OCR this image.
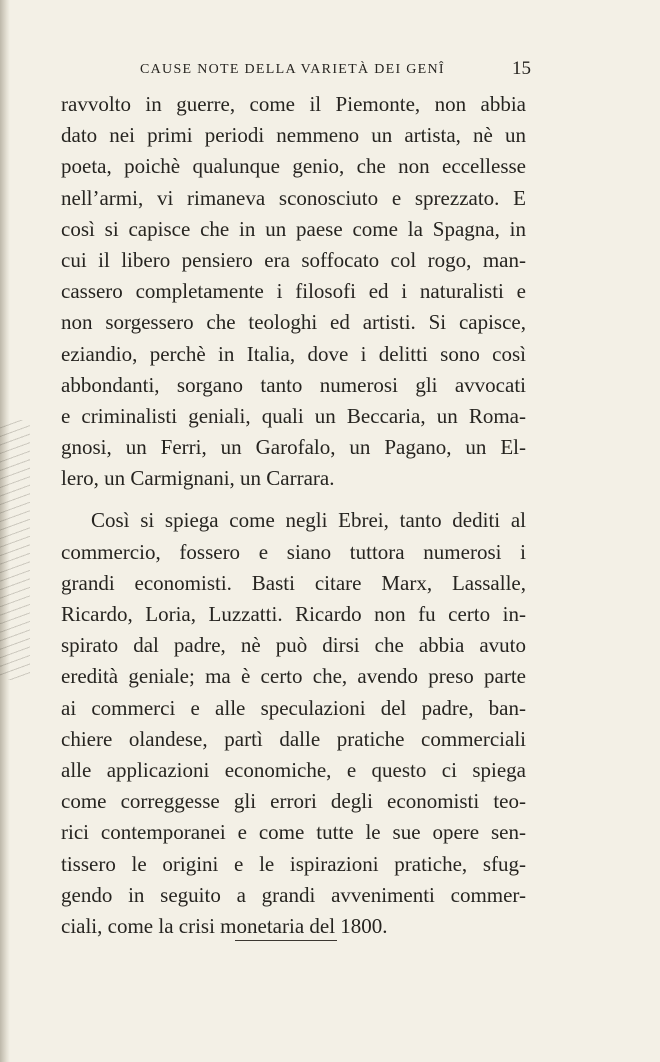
CAUSE NOTE DELLA VARIETÀ DEI GENÎ	15
ravvolto in guerre, come il Piemonte, non abbia
dato nei primi periodi nemmeno un artista, nè un
poeta, poichè qualunque genio, che non eccellesse
nell’armi, vi rimaneva sconosciuto e sprezzato. E
così si capisce che in un paese come la Spagna, in
cui il libero pensiero era soffocato col rogo, man-
cassero completamente i filosofi ed i naturalisti e
non sorgessero che teologhi ed artisti. Si capisce,
eziandio, perchè in Italia, dove i delitti sono così
abbondanti, sorgano tanto numerosi gli avvocati
e criminalisti geniali, quali un Beccaria, un Roma-
gnosi, un Ferri, un Garofalo, un Pagano, un El-
lero, un Carmignani, un Carrara.
Così si spiega come negli Ebrei, tanto dediti al
commercio, fossero e siano tuttora numerosi i
grandi economisti. Basti citare Marx, Lassalle,
Ricardo, Loria, Luzzatti. Ricardo non fu certo in-
spirato dal padre, nè può dirsi che abbia avuto
eredità geniale; ma è certo che, avendo preso parte
ai commerci e alle speculazioni del padre, ban-
chiere olandese, partì dalle pratiche commerciali
alle applicazioni economiche, e questo ci spiega
come correggesse gli errori degli economisti teo-
rici contemporanei e come tutte le sue opere sen-
tissero le origini e le ispirazioni pratiche, sfug-
gendo in seguito a grandi avvenimenti commer-
ciali, come la crisi monetaria del 1800.
